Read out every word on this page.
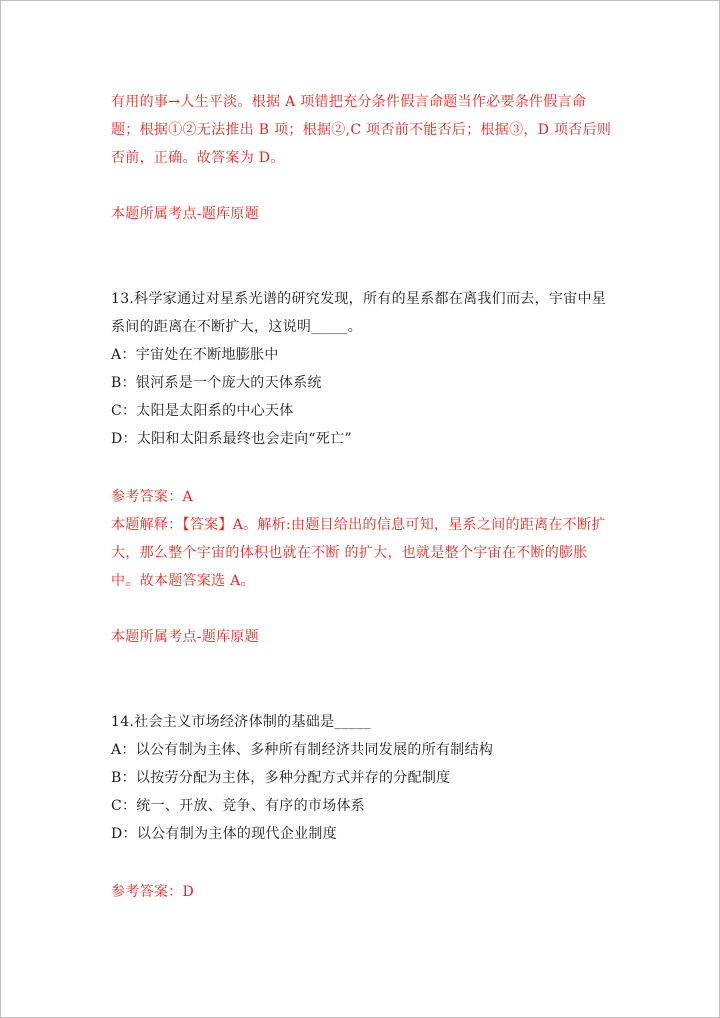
有用的事→人生平淡。根据 A 项错把充分条件假言命题当作必要条件假言命
题；根据①②无法推出 B 项；根据②,C 项否前不能否后；根据③，D 项否后则
否前，正确。故答案为 D。
本题所属考点-题库原题
13.科学家通过对星系光谱的研究发现，所有的星系都在离我们而去，宇宙中星
系间的距离在不断扩大，这说明_____。
A：宇宙处在不断地膨胀中
B：银河系是一个庞大的天体系统
C：太阳是太阳系的中心天体
D：太阳和太阳系最终也会走向“死亡”
参考答案：A
本题解释：【答案】A。解析:由题目给出的信息可知，星系之间的距离在不断扩
大，那么整个宇宙的体积也就在不断 的扩大，也就是整个宇宙在不断的膨胀
中。故本题答案选 A。
本题所属考点-题库原题
14.社会主义市场经济体制的基础是_____
A：以公有制为主体、多种所有制经济共同发展的所有制结构
B：以按劳分配为主体，多种分配方式并存的分配制度
C：统一、开放、竞争、有序的市场体系
D：以公有制为主体的现代企业制度
参考答案：D
